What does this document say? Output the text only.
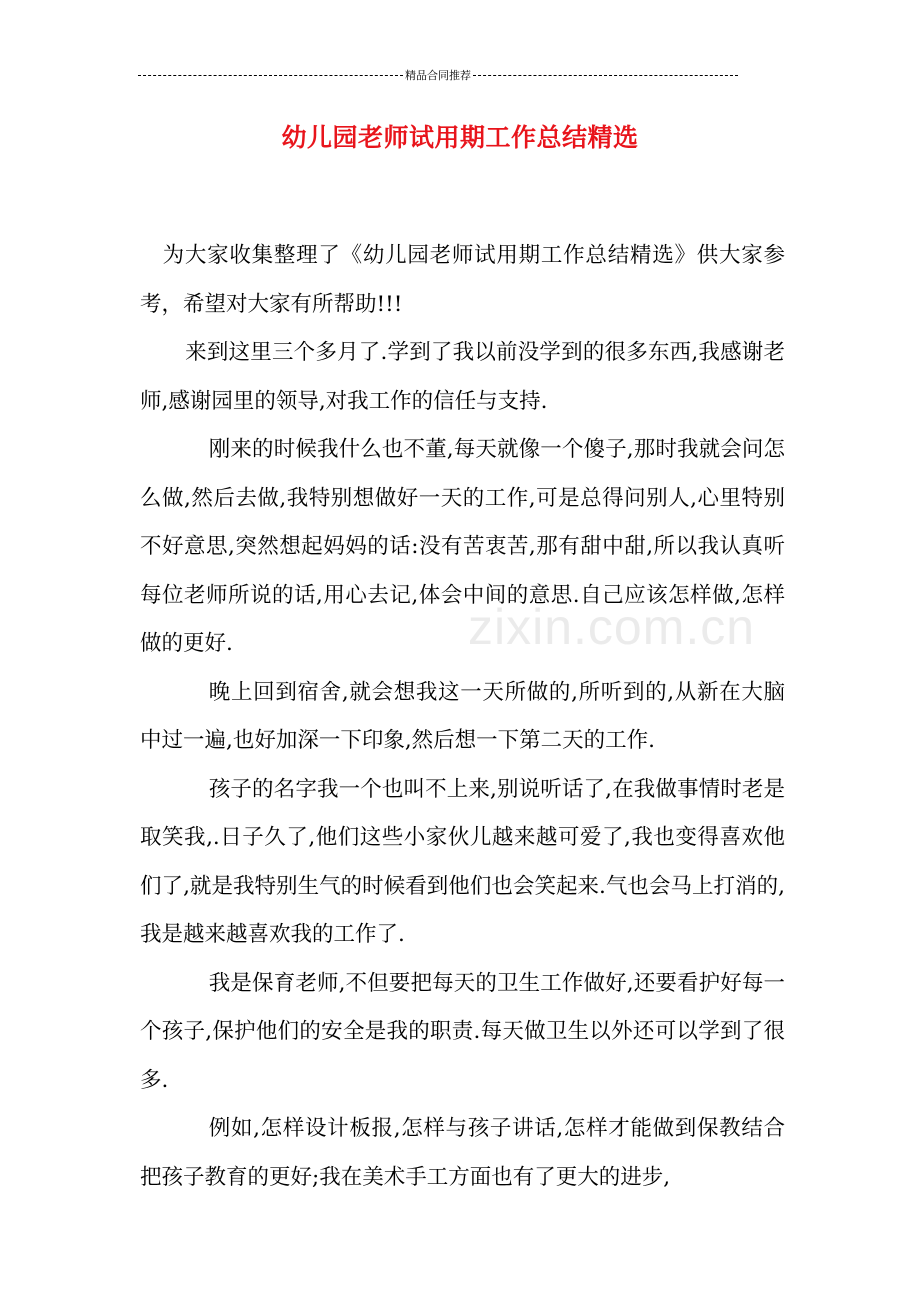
精品合同推荐
幼儿园老师试用期工作总结精选
zixin.com.cn

为大家收集整理了《幼儿园老师试用期工作总结精选》供大家参考，希望对大家有所帮助!!!

来到这里三个多月了.学到了我以前没学到的很多东西,我感谢老师,感谢园里的领导,对我工作的信任与支持.

刚来的时候我什么也不董,每天就像一个傻子,那时我就会问怎么做,然后去做,我特别想做好一天的工作,可是总得问别人,心里特别不好意思,突然想起妈妈的话:没有苦衷苦,那有甜中甜,所以我认真听每位老师所说的话,用心去记,体会中间的意思.自己应该怎样做,怎样做的更好.

晚上回到宿舍,就会想我这一天所做的,所听到的,从新在大脑中过一遍,也好加深一下印象,然后想一下第二天的工作.

孩子的名字我一个也叫不上来,别说听话了,在我做事情时老是取笑我,.日子久了,他们这些小家伙儿越来越可爱了,我也变得喜欢他们了,就是我特别生气的时候看到他们也会笑起来.气也会马上打消的,我是越来越喜欢我的工作了.

我是保育老师,不但要把每天的卫生工作做好,还要看护好每一个孩子,保护他们的安全是我的职责.每天做卫生以外还可以学到了很多.

例如,怎样设计板报,怎样与孩子讲话,怎样才能做到保教结合把孩子教育的更好;我在美术手工方面也有了更大的进步,
